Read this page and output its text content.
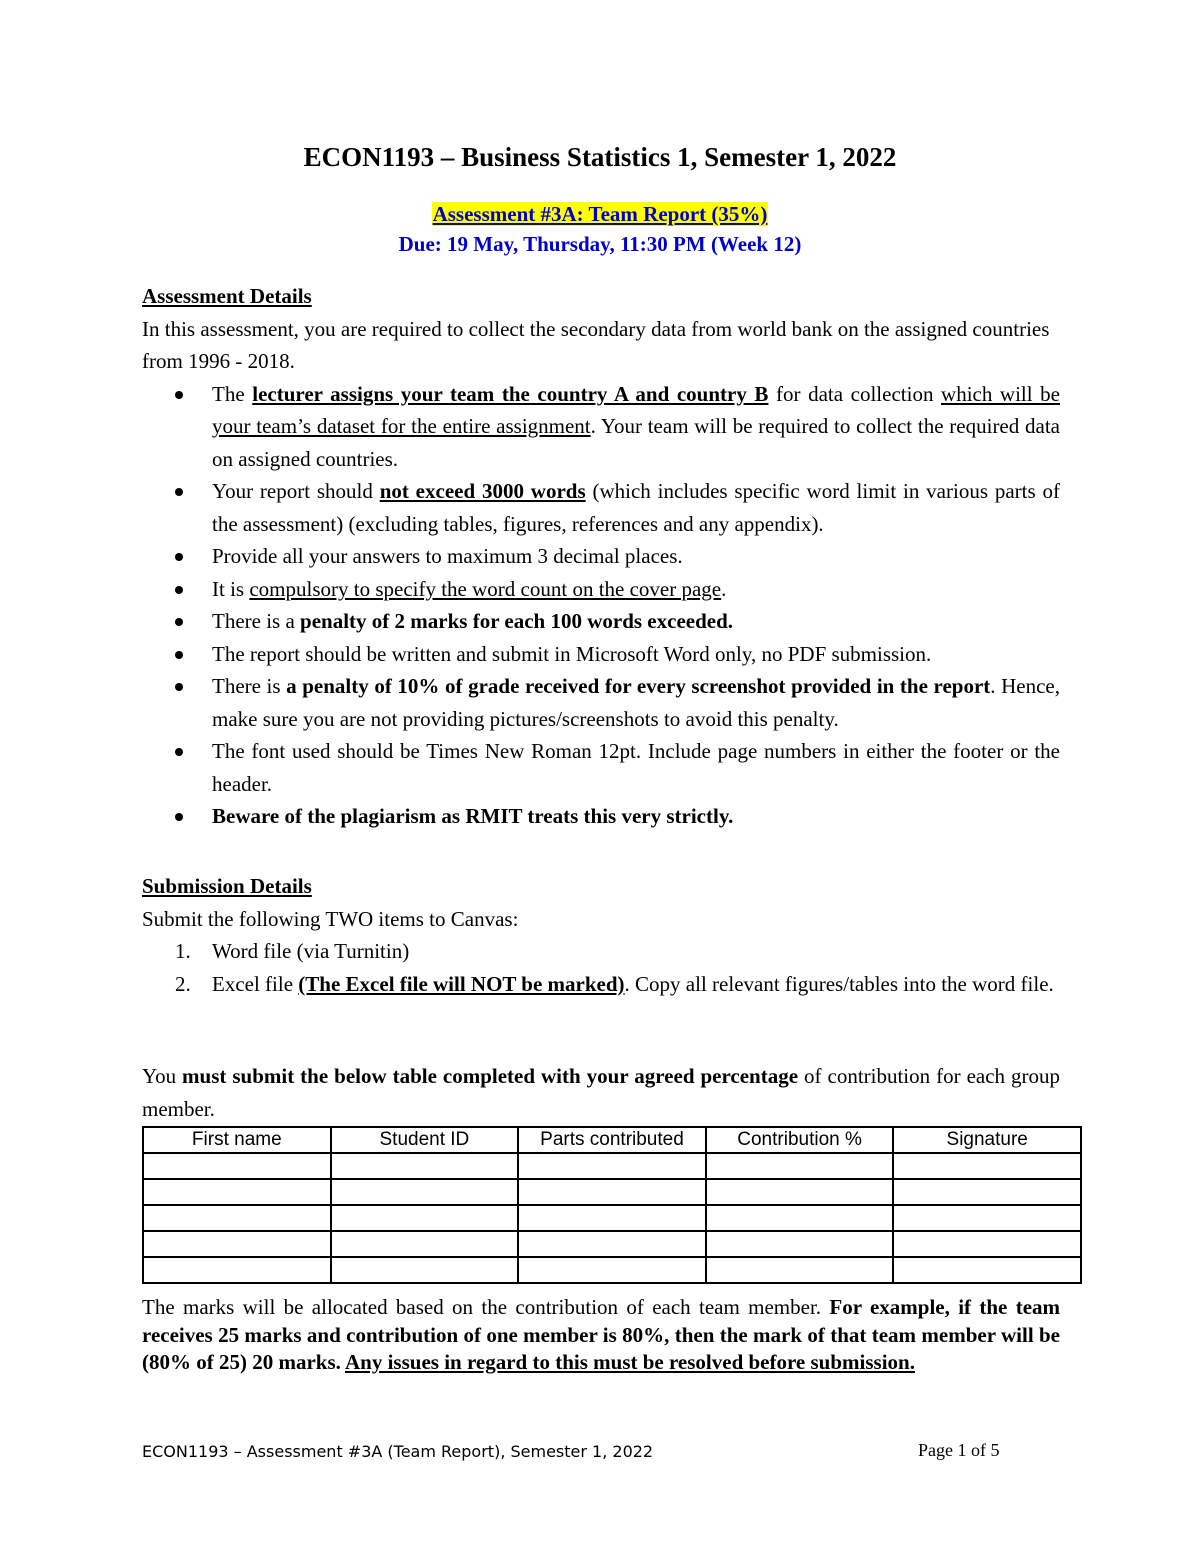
ECON1193 – Business Statistics 1, Semester 1, 2022
Assessment #3A: Team Report (35%)
Due: 19 May, Thursday, 11:30 PM (Week 12)
Assessment Details
In this assessment, you are required to collect the secondary data from world bank on the assigned countries from 1996 - 2018.
The lecturer assigns your team the country A and country B for data collection which will be your team’s dataset for the entire assignment. Your team will be required to collect the required data on assigned countries.
Your report should not exceed 3000 words (which includes specific word limit in various parts of the assessment) (excluding tables, figures, references and any appendix).
Provide all your answers to maximum 3 decimal places.
It is compulsory to specify the word count on the cover page.
There is a penalty of 2 marks for each 100 words exceeded.
The report should be written and submit in Microsoft Word only, no PDF submission.
There is a penalty of 10% of grade received for every screenshot provided in the report. Hence, make sure you are not providing pictures/screenshots to avoid this penalty.
The font used should be Times New Roman 12pt. Include page numbers in either the footer or the header.
Beware of the plagiarism as RMIT treats this very strictly.
Submission Details
Submit the following TWO items to Canvas:
1. Word file (via Turnitin)
2. Excel file (The Excel file will NOT be marked). Copy all relevant figures/tables into the word file.
You must submit the below table completed with your agreed percentage of contribution for each group member.
First name	Student ID	Parts contributed	Contribution %	Signature

The marks will be allocated based on the contribution of each team member. For example, if the team receives 25 marks and contribution of one member is 80%, then the mark of that team member will be (80% of 25) 20 marks. Any issues in regard to this must be resolved before submission.
ECON1193 – Assessment #3A (Team Report), Semester 1, 2022	Page 1 of 5
